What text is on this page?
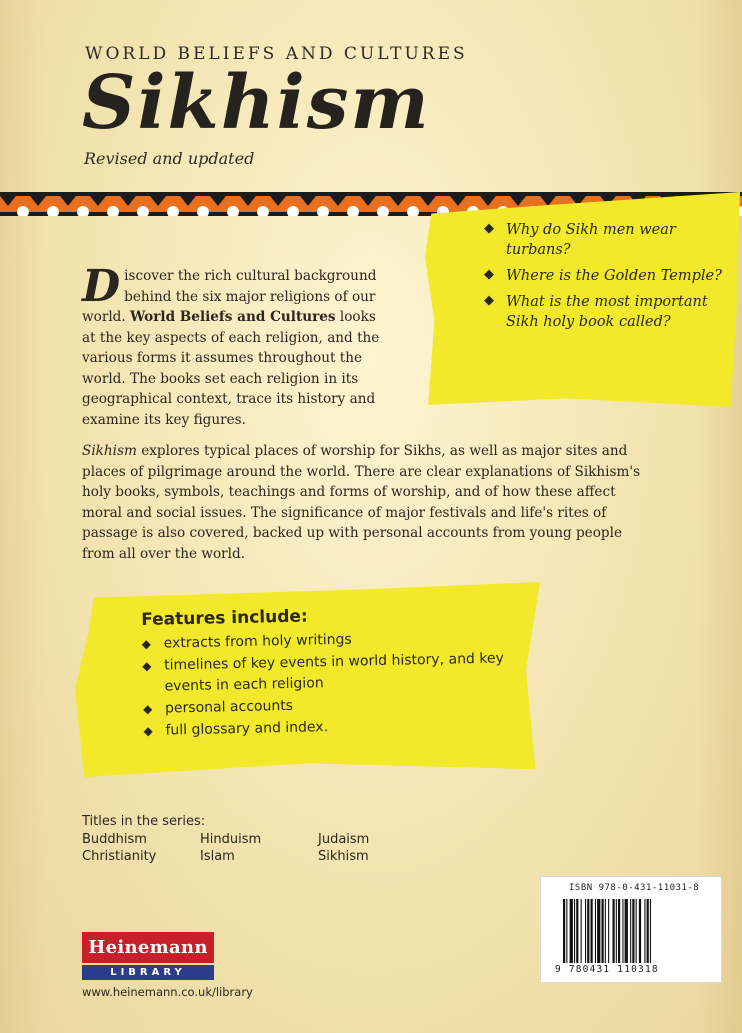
WORLD BELIEFS AND CULTURES
Sikhism
Revised and updated
◆ Why do Sikh men wear turbans?
◆ Where is the Golden Temple?
◆ What is the most important Sikh holy book called?
Discover the rich cultural background behind the six major religions of our world. World Beliefs and Cultures looks at the key aspects of each religion, and the various forms it assumes throughout the world. The books set each religion in its geographical context, trace its history and examine its key figures.
Sikhism explores typical places of worship for Sikhs, as well as major sites and places of pilgrimage around the world. There are clear explanations of Sikhism's holy books, symbols, teachings and forms of worship, and of how these affect moral and social issues. The significance of major festivals and life's rites of passage is also covered, backed up with personal accounts from young people from all over the world.
Features include:
◆ extracts from holy writings
◆ timelines of key events in world history, and key events in each religion
◆ personal accounts
◆ full glossary and index.
Titles in the series:
Buddhism	Hinduism	Judaism
Christianity	Islam	Sikhism
ISBN 978-0-431-11031-8
9 780431 110318
Heinemann
LIBRARY
www.heinemann.co.uk/library
